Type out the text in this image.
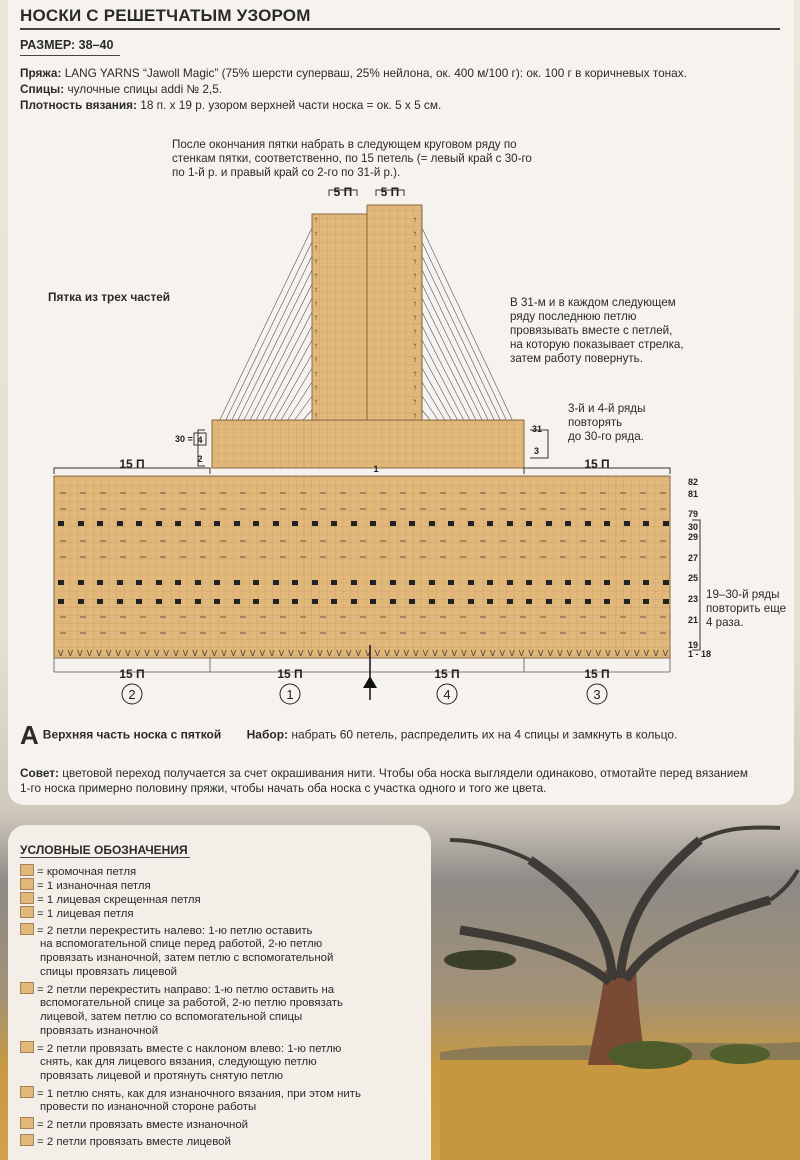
НОСКИ С РЕШЕТЧАТЫМ УЗОРОМ
РАЗМЕР: 38–40
Пряжа: LANG YARNS “Jawoll Magic” (75% шерсти суперваш, 25% нейлона, ок. 400 м/100 г): ок. 100 г в коричневых тонах.
Спицы: чулочные спицы addi № 2,5.
Плотность вязания: 18 п. х 19 р. узором верхней части носка = ок. 5 х 5 см.
После окончания пятки набрать в следующем круговом ряду по
стенкам пятки, соответственно, по 15 петель (= левый край с 30-го
по 1-й р. и правый край со 2-го по 31-й р.).
Пятка из трех частей	В 31-м и в каждом следующем
ряду последнюю петлю
провязывать вместе с петлей,
на которую показывает стрелка,
затем работу повернуть.
3-й и 4-й ряды
повторять
до 30-го ряда.
19–30-й ряды
повторить еще
4 раза.
V V V V V V V V V V V V V V V V V V V V V V V V V V V V V V V V V V V V V V V V V V V V V V V V V V V V V V V V V V V V V V V V
↑	↑
↑	↑
↑	↑
↑	↑
↑	↑
↑	↑
↑	↑
↑	↑
↑	↑
↑	↑
↑	↑
↑	↑
↑	↑
↑	↑
↑	↑
5 П 5 П
15 П	15 П
15 П	15 П	15 П	15 П
2	1	4	3
30 = 4
2
31
3
1
82
81
79
30
29
27
25
23
21
19
1 - 18
A Верхняя часть носка с пяткой Набор: набрать 60 петель, распределить их на 4 спицы и замкнуть в кольцо.
Совет: цветовой переход получается за счет окрашивания нити. Чтобы оба носка выглядели одинаково, отмотайте перед вязанием 1-го носка примерно половину пряжи, чтобы начать оба носка с участка одного и того же цвета.
УСЛОВНЫЕ ОБОЗНАЧЕНИЯ
= кромочная петля
= 1 изнаночная петля
= 1 лицевая скрещенная петля
= 1 лицевая петля
= 2 петли перекрестить налево: 1-ю петлю оставить
на вспомогательной спице перед работой, 2-ю петлю
провязать изнаночной, затем петлю с вспомогательной
спицы провязать лицевой
= 2 петли перекрестить направо: 1-ю петлю оставить на
вспомогательной спице за работой, 2-ю петлю провязать
лицевой, затем петлю со вспомогательной спицы
провязать изнаночной
= 2 петли провязать вместе с наклоном влево: 1-ю петлю
снять, как для лицевого вязания, следующую петлю
провязать лицевой и протянуть снятую петлю
= 1 петлю снять, как для изнаночного вязания, при этом нить
провести по изнаночной стороне работы
= 2 петли провязать вместе изнаночной
= 2 петли провязать вместе лицевой
